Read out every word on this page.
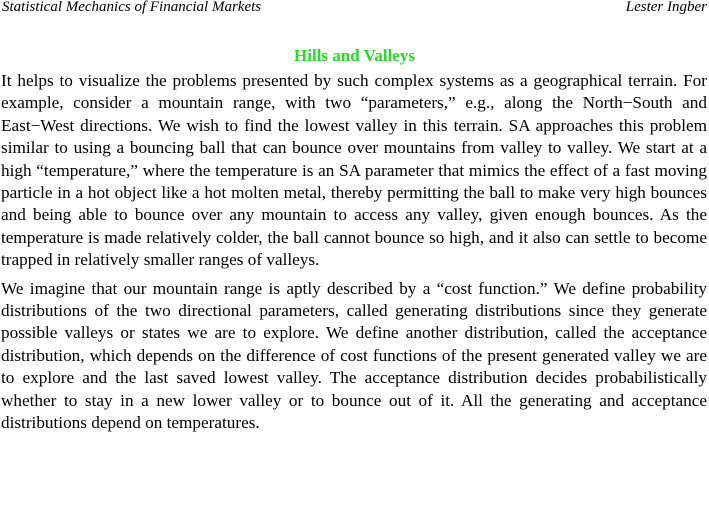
Statistical Mechanics of Financial Markets	Lester Ingber
Hills and Valleys

It helps to visualize the problems presented by such complex systems as a geographical terrain. For example, consider a mountain range, with two “parameters,” e.g., along the North−South and East−West directions. We wish to find the lowest valley in this terrain. SA approaches this problem similar to using a bouncing ball that can bounce over mountains from valley to valley. We start at a high “temperature,” where the temperature is an SA parameter that mimics the effect of a fast moving particle in a hot object like a hot molten metal, thereby permitting the ball to make very high bounces and being able to bounce over any mountain to access any valley, given enough bounces. As the temperature is made relatively colder, the ball cannot bounce so high, and it also can settle to become trapped in relatively smaller ranges of valleys.

We imagine that our mountain range is aptly described by a “cost function.” We define probability distributions of the two directional parameters, called generating distributions since they generate possible valleys or states we are to explore. We define another distribution, called the acceptance distribution, which depends on the difference of cost functions of the present generated valley we are to explore and the last saved lowest valley. The acceptance distribution decides probabilistically whether to stay in a new lower valley or to bounce out of it. All the generating and acceptance distributions depend on temperatures.
